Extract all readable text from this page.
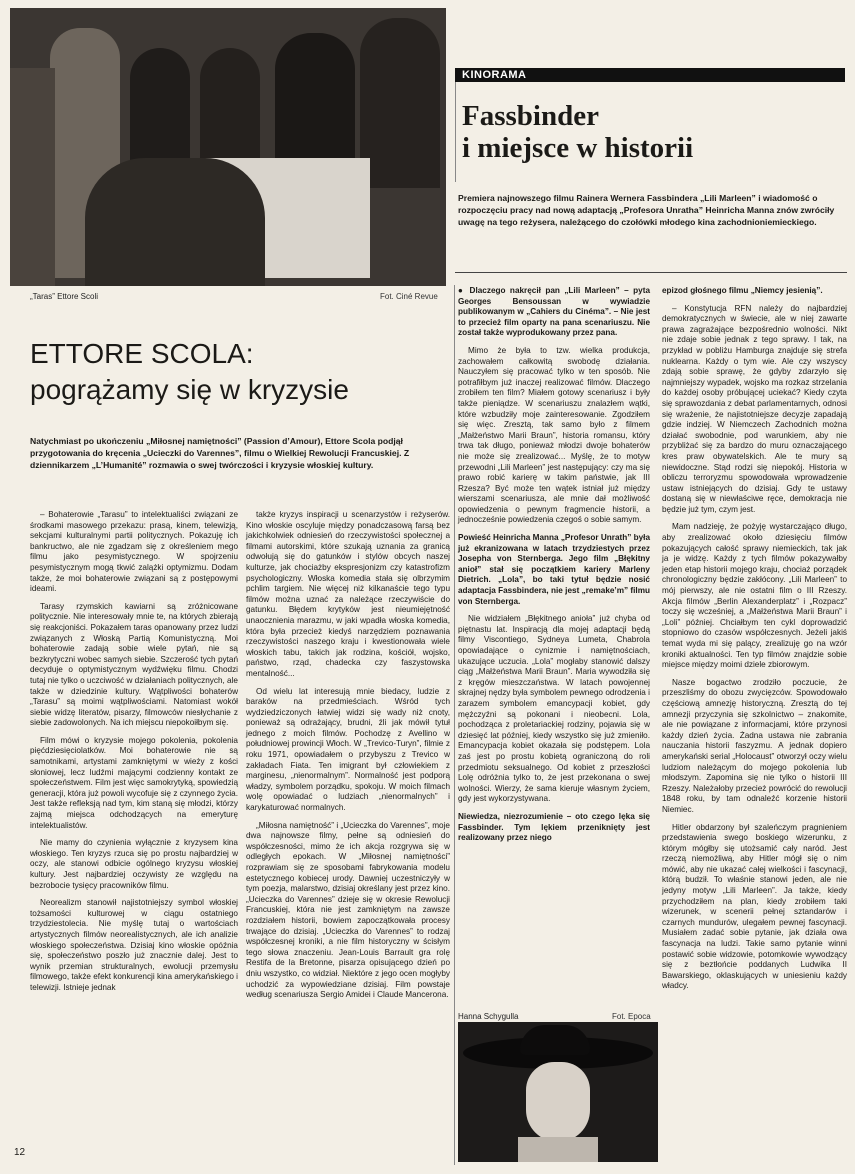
„Taras” Ettore Scoli	Fot. Ciné Revue
KINORAMA
Fassbinder
i miejsce w historii
Premiera najnowszego filmu Rainera Wernera Fassbindera „Lili Marleen” i wiadomość o rozpoczęciu pracy nad nową adaptacją „Profesora Unratha” Heinricha Manna znów zwróciły uwagę na tego reżysera, należącego do czołówki młodego kina zachodnioniemieckiego.
ETTORE SCOLA:
pogrążamy się w kryzysie
Natychmiast po ukończeniu „Miłosnej namiętności” (Passion d’Amour), Ettore Scola podjął przygotowania do kręcenia „Ucieczki do Varennes”, filmu o Wielkiej Rewolucji Francuskiej. Z dziennikarzem „L’Humanité” rozmawia o swej twórczości i kryzysie włoskiej kultury.

– Bohaterowie „Tarasu” to intelektualiści związani ze środkami masowego przekazu: prasą, kinem, telewizją, sekcjami kulturalnymi partii politycznych. Pokazuję ich bankructwo, ale nie zgadzam się z określeniem mego filmu jako pesymistycznego. W spojrzeniu pesymistycznym mogą tkwić zalążki optymizmu. Dodam także, że moi bohaterowie związani są z postępowymi ideami.

Tarasy rzymskich kawiarni są zróżnicowane politycznie. Nie interesowały mnie te, na których zbierają się reakcjoniści. Pokazałem taras opanowany przez ludzi związanych z Włoską Partią Komunistyczną. Moi bohaterowie zadają sobie wiele pytań, nie są bezkrytyczni wobec samych siebie. Szczerość tych pytań decyduje o optymistycznym wydźwięku filmu. Chodzi tutaj nie tylko o uczciwość w działaniach politycznych, ale także w dziedzinie kultury. Wątpliwości bohaterów „Tarasu” są moimi wątpliwościami. Natomiast wokół siebie widzę literatów, pisarzy, filmowców niesłychanie z siebie zadowolonych. Na ich miejscu niepokoiłbym się.

Film mówi o kryzysie mojego pokolenia, pokolenia pięćdziesięciolatków. Moi bohaterowie nie są samotnikami, artystami zamkniętymi w wieży z kości słoniowej, lecz ludźmi mającymi codzienny kontakt ze społeczeństwem. Film jest więc samokrytyką, spowiedzią generacji, która już powoli wycofuje się z czynnego życia. Jest także refleksją nad tym, kim staną się młodzi, którzy zajmą miejsca odchodzących na emeryturę intelektualistów.

Nie mamy do czynienia wyłącznie z kryzysem kina włoskiego. Ten kryzys rzuca się po prostu najbardziej w oczy, ale stanowi odbicie ogólnego kryzysu włoskiej kultury. Jest najbardziej oczywisty ze względu na bezrobocie tysięcy pracowników filmu.

Neorealizm stanowił najistotniejszy symbol włoskiej tożsamości kulturowej w ciągu ostatniego trzydziestolecia. Nie myślę tutaj o wartościach artystycznych filmów neorealistycznych, ale ich analizie włoskiego społeczeństwa. Dzisiaj kino włoskie opóźnia się, społeczeństwo poszło już znacznie dalej. Jest to wynik przemian strukturalnych, ewolucji przemysłu filmowego, także efekt konkurencji kina amerykańskiego i telewizji. Istnieje jednak

także kryzys inspiracji u scenarzystów i reżyserów. Kino włoskie oscyluje między ponadczasową farsą bez jakichkolwiek odniesień do rzeczywistości społecznej a filmami autorskimi, które szukają uznania za granicą odwołują się do gatunków i stylów obcych naszej kulturze, jak chociażby ekspresjonizm czy katastrofizm psychologiczny. Włoska komedia stała się olbrzymim pchlim targiem. Nie więcej niż kilkanaście tego typu filmów można uznać za należące rzeczywiście do gatunku. Błędem krytyków jest nieumiejętność unaocznienia marazmu, w jaki wpadła włoska komedia, która była przecież kiedyś narzędziem poznawania rzeczywistości naszego kraju i kwestionowała wiele włoskich tabu, takich jak rodzina, kościół, wojsko, państwo, rząd, chadecka czy faszystowska mentalność...

Od wielu lat interesują mnie biedacy, ludzie z baraków na przedmieściach. Wśród tych wydziedziczonych łatwiej widzi się wady niż cnoty, ponieważ są odrażający, brudni, źli jak mówił tytuł jednego z moich filmów. Pochodzę z Avellino w południowej prowincji Włoch. W „Trevico-Turyn”, filmie z roku 1971, opowiadałem o przybyszu z Trevico w zakładach Fiata. Ten imigrant był człowiekiem z marginesu, „nienormalnym”. Normalność jest podporą władzy, symbolem porządku, spokoju. W moich filmach wolę opowiadać o ludziach „nienormalnych” i karykaturować normalnych.

„Miłosna namiętność” i „Ucieczka do Varennes”, moje dwa najnowsze filmy, pełne są odniesień do współczesności, mimo że ich akcja rozgrywa się w odległych epokach. W „Miłosnej namiętności” rozprawiam się ze sposobami fabrykowania modelu estetycznego kobiecej urody. Dawniej uczestniczyły w tym poezja, malarstwo, dzisiaj określany jest przez kino. „Ucieczka do Varennes” dzieje się w okresie Rewolucji Francuskiej, która nie jest zamkniętym na zawsze rozdziałem historii, bowiem zapoczątkowała procesy trwające do dzisiaj. „Ucieczka do Varennes” to rodzaj współczesnej kroniki, a nie film historyczny w ścisłym tego słowa znaczeniu. Jean-Louis Barrault gra rolę Restifa de la Bretonne, pisarza opisującego dzień po dniu wszystko, co widział. Niektóre z jego ocen mogłyby uchodzić za wypowiedziane dzisiaj. Film powstaje według scenariusza Sergio Amidei i Claude Mancerona.

● Dlaczego nakręcił pan „Lili Marleen” – pyta Georges Bensoussan w wywiadzie publikowanym w „Cahiers du Cinéma”. – Nie jest to przecież film oparty na pana scenariuszu. Nie został także wyprodukowany przez pana.

Mimo że była to tzw. wielka produkcja, zachowałem całkowitą swobodę działania. Nauczyłem się pracować tylko w ten sposób. Nie potrafiłbym już inaczej realizować filmów. Dlaczego zrobiłem ten film? Miałem gotowy scenariusz i były także pieniądze. W scenariuszu znalazłem wątki, które wzbudziły moje zainteresowanie. Zgodziłem się więc. Zresztą, tak samo było z filmem „Małżeństwo Marii Braun”, historia romansu, który trwa tak długo, ponieważ młodzi dwoje bohaterów nie może się zrealizować... Myślę, że to motyw przewodni „Lili Marleen” jest następujący: czy ma się prawo robić karierę w takim państwie, jak III Rzesza? Być może ten wątek istniał już między wierszami scenariusza, ale mnie dał możliwość opowiedzenia o pewnym fragmencie historii, a jednocześnie powiedzenia czegoś o sobie samym.

Powieść Heinricha Manna „Profesor Unrath” była już ekranizowana w latach trzydziestych przez Josepha von Sternberga. Jego film „Błękitny anioł” stał się początkiem kariery Marleny Dietrich. „Lola”, bo taki tytuł będzie nosić adaptacja Fassbindera, nie jest „remake’m” filmu von Sternberga.

Nie widziałem „Błękitnego anioła” już chyba od piętnastu lat. Inspiracją dla mojej adaptacji będą filmy Viscontiego, Sydneya Lumeta, Chabrola opowiadające o cynizmie i namiętnościach, ukazujące uczucia. „Lola” mogłaby stanowić dalszy ciąg „Małżeństwa Marii Braun”. Maria wywodziła się z kręgów mieszczaństwa. W latach powojennej skrajnej nędzy była symbolem pewnego odrodzenia i zarazem symbolem emancypacji kobiet, gdy mężczyźni są pokonani i nieobecni. Lola, pochodząca z proletariackiej rodziny, pojawia się w dziesięć lat później, kiedy wszystko się już zmieniło. Emancypacja kobiet okazała się podstępem. Lola zaś jest po prostu kobietą ograniczoną do roli przedmiotu seksualnego. Od kobiet z przeszłości Lolę odróżnia tylko to, że jest przekonana o swej wolności. Wierzy, że sama kieruje własnym życiem, gdy jest wykorzystywana.

Niewiedza, niezrozumienie – oto czego lęka się Fassbinder. Tym lękiem przeniknięty jest realizowany przez niego

Hanna Schygulla	Fot. Epoca

epizod głośnego filmu „Niemcy jesienią”.

– Konstytucja RFN należy do najbardziej demokratycznych w świecie, ale w niej zawarte prawa zagrażające bezpośrednio wolności. Nikt nie zdaje sobie jednak z tego sprawy. I tak, na przykład w pobliżu Hamburga znajduje się strefa nuklearna. Każdy o tym wie. Ale czy wszyscy zdają sobie sprawę, że gdyby zdarzyło się najmniejszy wypadek, wojsko ma rozkaz strzelania do każdej osoby próbującej uciekać? Kiedy czyta się sprawozdania z debat parlamentarnych, odnosi się wrażenie, że najistotniejsze decyzje zapadają gdzie indziej. W Niemczech Zachodnich można działać swobodnie, pod warunkiem, aby nie przybliżać się za bardzo do muru oznaczającego kres praw obywatelskich. Ale te mury są niewidoczne. Stąd rodzi się niepokój. Historia w obliczu terroryzmu spowodowała wprowadzenie ustaw istniejących do dzisiaj. Gdy te ustawy dostaną się w niewłaściwe ręce, demokracja nie będzie już tym, czym jest.

Mam nadzieję, że pożyję wystarczająco długo, aby zrealizować około dziesięciu filmów pokazujących całość sprawy niemieckich, tak jak ja je widzę. Każdy z tych filmów pokazywałby jeden etap historii mojego kraju, chociaż porządek chronologiczny będzie zakłócony. „Lili Marleen” to mój pierwszy, ale nie ostatni film o III Rzeszy. Akcja filmów „Berlin Alexanderplatz” i „Rozpacz” toczy się wcześniej, a „Małżeństwa Marii Braun” i „Loli” później. Chciałbym ten cykl doprowadzić stopniowo do czasów współczesnych. Jeżeli jakiś temat wyda mi się palący, zrealizuję go na wzór kroniki aktualności. Ten typ filmów znajdzie sobie miejsce między moimi dziele zbiorowym.

Nasze bogactwo zrodziło poczucie, że przeszliśmy do obozu zwycięzców. Spowodowało częściową amnezję historyczną. Zresztą do tej amnezji przyczynia się szkolnictwo – znakomite, ale nie powiązane z informacjami, które przynosi każdy dzień życia. Żadna ustawa nie zabrania nauczania historii faszyzmu. A jednak dopiero amerykański serial „Holocaust” otworzył oczy wielu ludziom należącym do mojego pokolenia lub młodszym. Zapomina się nie tylko o historii III Rzeszy. Należałoby przecież powrócić do rewolucji 1848 roku, by tam odnaleźć korzenie historii Niemiec.

Hitler obdarzony był szaleńczym pragnieniem przedstawienia swego boskiego wizerunku, z którym mógłby się utożsamić cały naród. Jest rzeczą niemożliwą, aby Hitler mógł się o nim mówić, aby nie ukazać całej wielkości i fascynacji, którą budził. To właśnie stanowi jeden, ale nie jedyny motyw „Lili Marleen”. Ja także, kiedy przychodziłem na plan, kiedy zrobiłem taki wizerunek, w scenerii pełnej sztandarów i czarnych mundurów, ulegałem pewnej fascynacji. Musiałem zadać sobie pytanie, jak działa owa fascynacja na ludzi. Takie samo pytanie winni postawić sobie widzowie, potomkowie wywodzący się z beztłońcie poddanych Ludwika II Bawarskiego, oklaskujących w uniesieniu każdy władcy.

12
